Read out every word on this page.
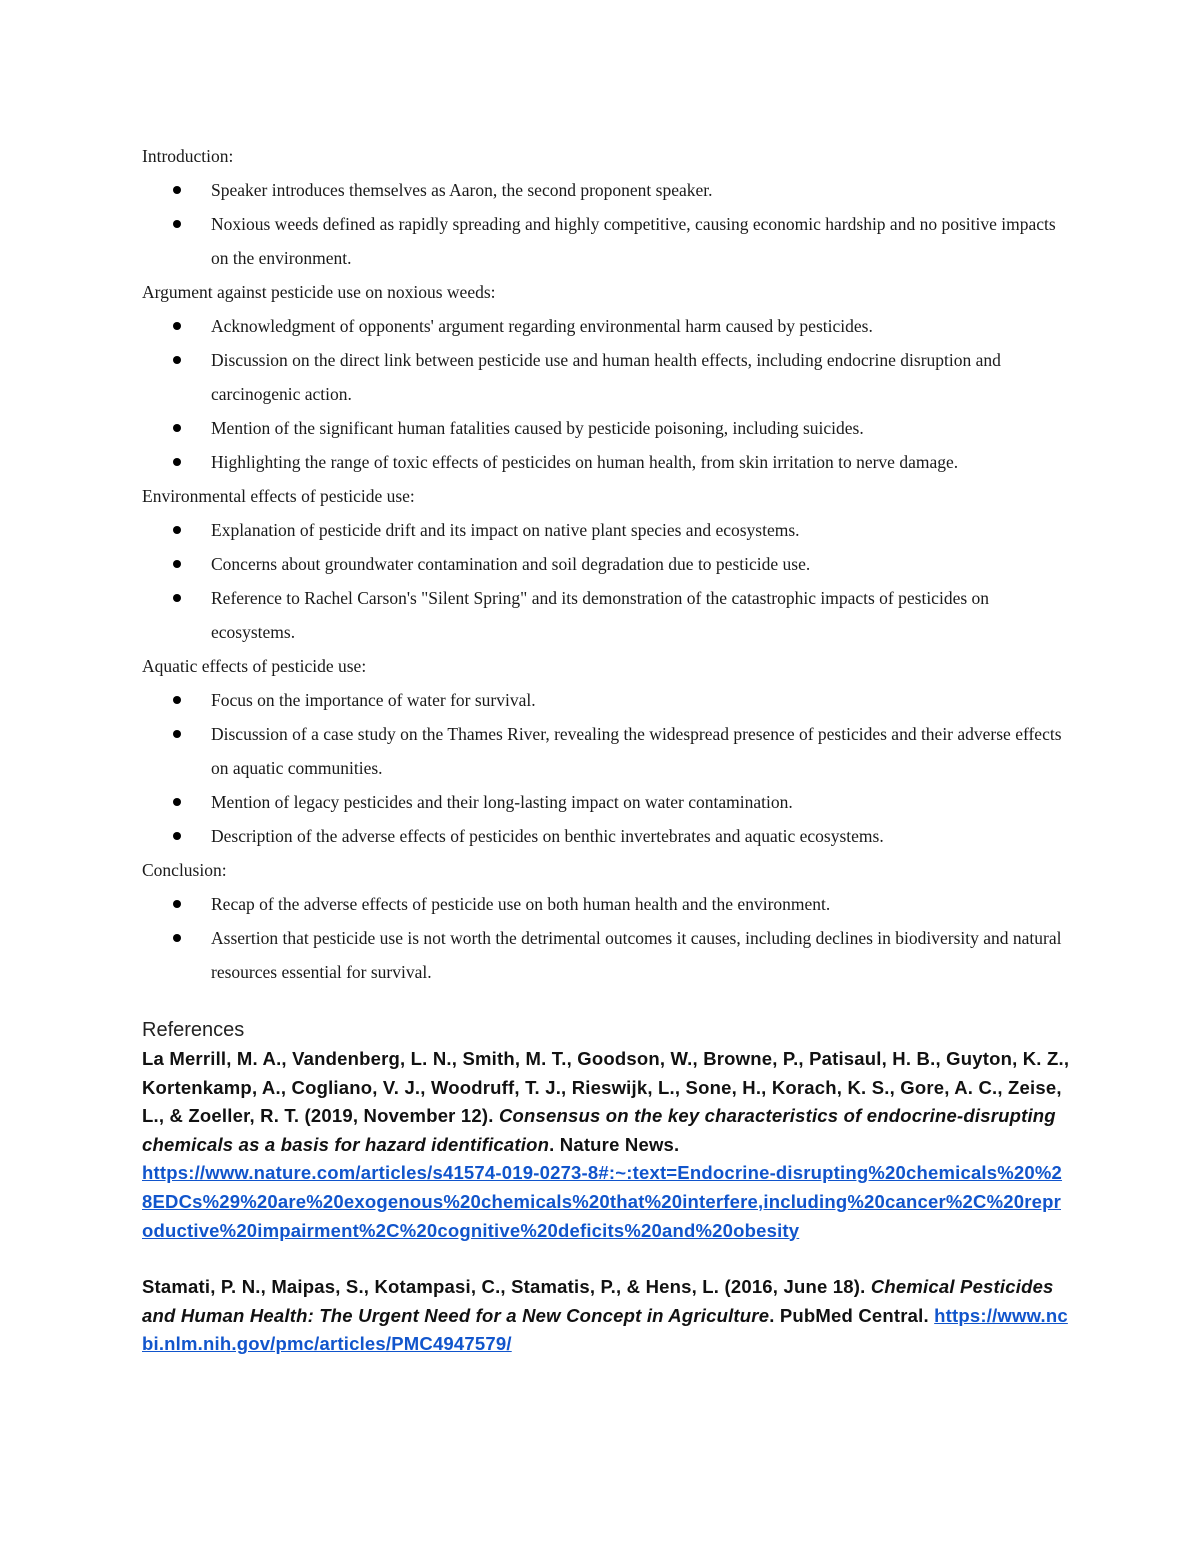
Introduction:
Speaker introduces themselves as Aaron, the second proponent speaker.
Noxious weeds defined as rapidly spreading and highly competitive, causing economic hardship and no positive impacts on the environment.
Argument against pesticide use on noxious weeds:
Acknowledgment of opponents' argument regarding environmental harm caused by pesticides.
Discussion on the direct link between pesticide use and human health effects, including endocrine disruption and carcinogenic action.
Mention of the significant human fatalities caused by pesticide poisoning, including suicides.
Highlighting the range of toxic effects of pesticides on human health, from skin irritation to nerve damage.
Environmental effects of pesticide use:
Explanation of pesticide drift and its impact on native plant species and ecosystems.
Concerns about groundwater contamination and soil degradation due to pesticide use.
Reference to Rachel Carson's "Silent Spring" and its demonstration of the catastrophic impacts of pesticides on ecosystems.
Aquatic effects of pesticide use:
Focus on the importance of water for survival.
Discussion of a case study on the Thames River, revealing the widespread presence of pesticides and their adverse effects on aquatic communities.
Mention of legacy pesticides and their long-lasting impact on water contamination.
Description of the adverse effects of pesticides on benthic invertebrates and aquatic ecosystems.
Conclusion:
Recap of the adverse effects of pesticide use on both human health and the environment.
Assertion that pesticide use is not worth the detrimental outcomes it causes, including declines in biodiversity and natural resources essential for survival.
References

La Merrill, M. A., Vandenberg, L. N., Smith, M. T., Goodson, W., Browne, P., Patisaul, H. B., Guyton, K. Z., Kortenkamp, A., Cogliano, V. J., Woodruff, T. J., Rieswijk, L., Sone, H., Korach, K. S., Gore, A. C., Zeise, L., & Zoeller, R. T. (2019, November 12). Consensus on the key characteristics of endocrine-disrupting chemicals as a basis for hazard identification. Nature News.
https://www.nature.com/articles/s41574-019-0273-8#:~:text=Endocrine-disrupting%20chemicals%20%28EDCs%29%20are%20exogenous%20chemicals%20that%20interfere,including%20cancer%2C%20reproductive%20impairment%2C%20cognitive%20deficits%20and%20obesity

Stamati, P. N., Maipas, S., Kotampasi, C., Stamatis, P., & Hens, L. (2016, June 18). Chemical Pesticides and Human Health: The Urgent Need for a New Concept in Agriculture. PubMed Central. https://www.ncbi.nlm.nih.gov/pmc/articles/PMC4947579/
